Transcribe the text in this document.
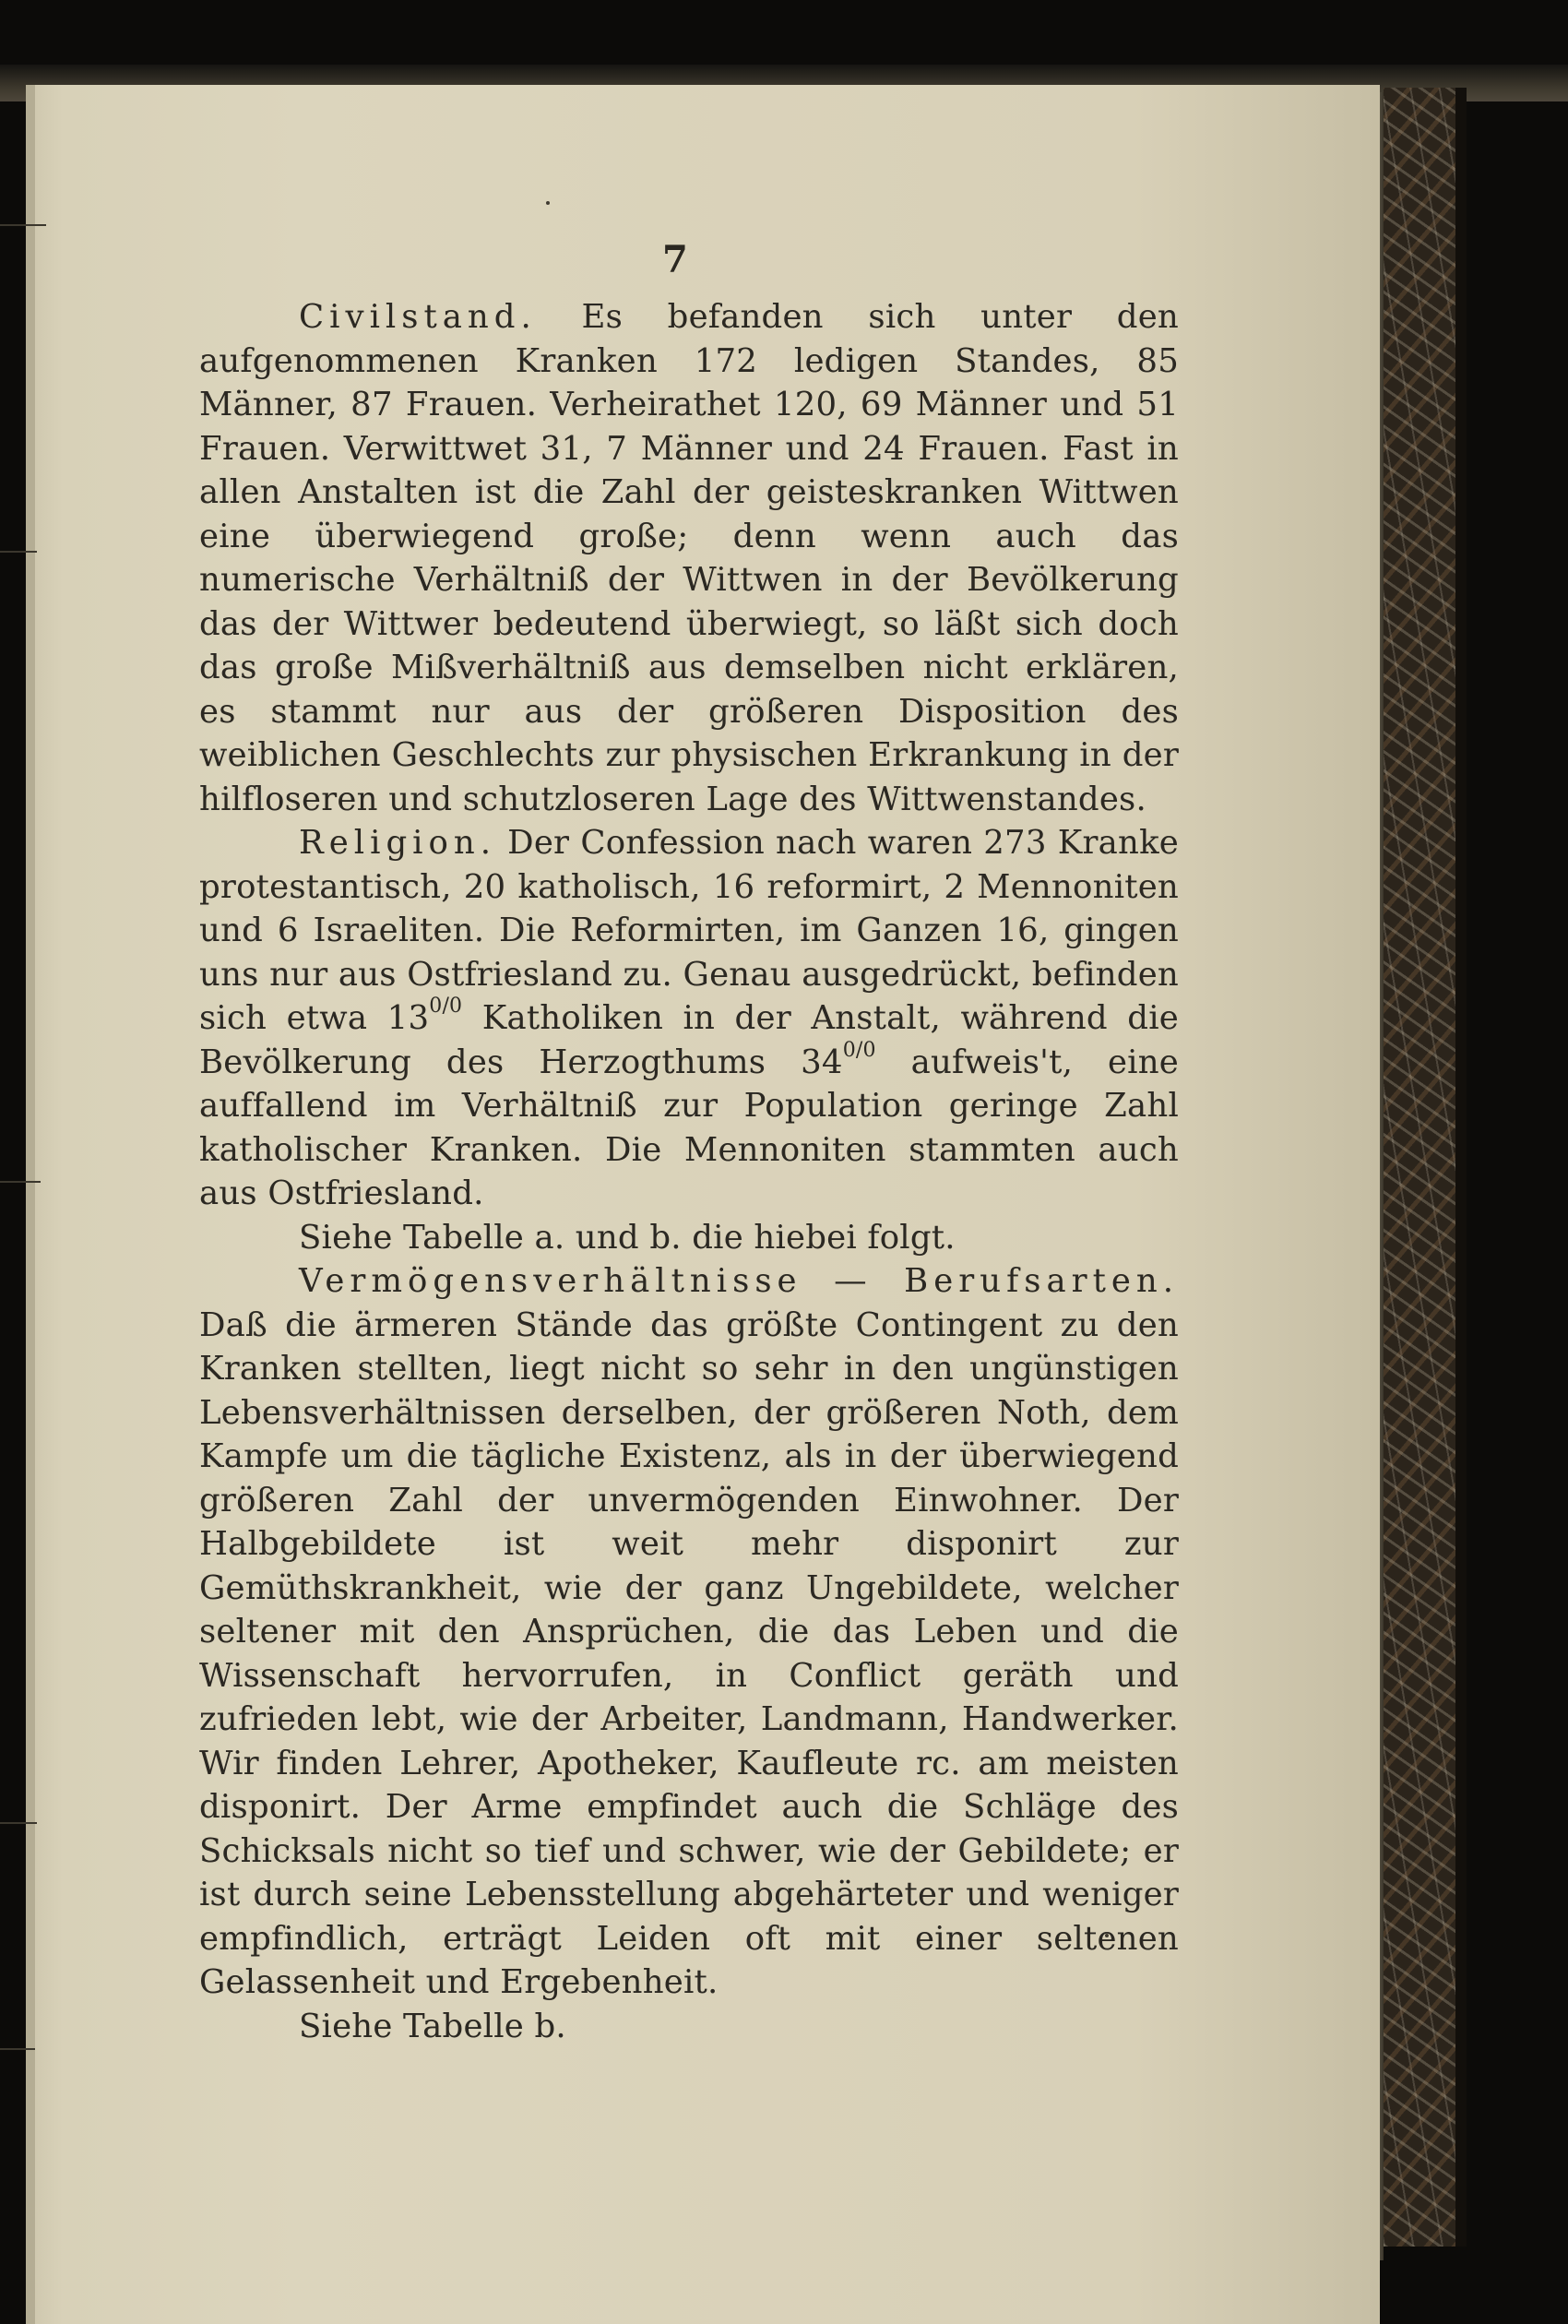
7

Civilstand. Es befanden sich unter den aufgenommenen Kranken 172 ledigen Standes, 85 Männer, 87 Frauen. Verheirathet 120, 69 Männer und 51 Frauen. Verwittwet 31, 7 Männer und 24 Frauen. Fast in allen Anstalten ist die Zahl der geisteskranken Wittwen eine überwiegend große; denn wenn auch das numerische Verhältniß der Wittwen in der Bevölkerung das der Wittwer bedeutend überwiegt, so läßt sich doch das große Mißverhältniß aus demselben nicht erklären, es stammt nur aus der größeren Disposition des weiblichen Geschlechts zur physischen Erkrankung in der hilfloseren und schutzloseren Lage des Wittwenstandes.

Religion. Der Confession nach waren 273 Kranke protestantisch, 20 katholisch, 16 reformirt, 2 Mennoniten und 6 Israeliten. Die Reformirten, im Ganzen 16, gingen uns nur aus Ostfriesland zu. Genau ausgedrückt, befinden sich etwa $13^{0/0}$ Katholiken in der Anstalt, während die Bevölkerung des Herzogthums $34^{0/0}$ aufweis't, eine auffallend im Verhältniß zur Population geringe Zahl katholischer Kranken. Die Mennoniten stammten auch aus Ostfriesland.

Siehe Tabelle a. und b. die hiebei folgt.

Vermögensverhältnisse — Berufsarten. Daß die ärmeren Stände das größte Contingent zu den Kranken stellten, liegt nicht so sehr in den ungünstigen Lebensverhältnissen derselben, der größeren Noth, dem Kampfe um die tägliche Existenz, als in der überwiegend größeren Zahl der unvermögenden Einwohner. Der Halbgebildete ist weit mehr disponirt zur Gemüthskrankheit, wie der ganz Ungebildete, welcher seltener mit den Ansprüchen, die das Leben und die Wissenschaft hervorrufen, in Conflict geräth und zufrieden lebt, wie der Arbeiter, Landmann, Handwerker. Wir finden Lehrer, Apotheker, Kaufleute rc. am meisten disponirt. Der Arme empfindet auch die Schläge des Schicksals nicht so tief und schwer, wie der Gebildete; er ist durch seine Lebensstellung abgehärteter und weniger empfindlich, erträgt Leiden oft mit einer seltenen Gelassenheit und Ergebenheit.

Siehe Tabelle b.
